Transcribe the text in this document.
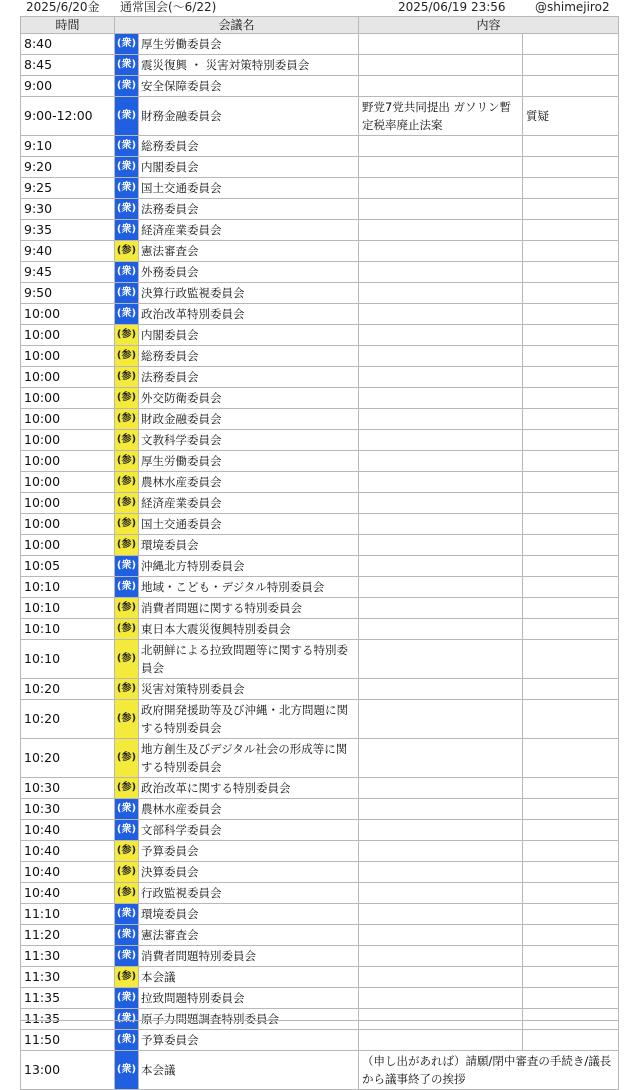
2025/6/20金 通常国会(〜6/22)	2025/06/19 23:56 @shimejiro2
時間	会議名		内容	
8:40	(衆)	厚生労働委員会		
8:45	(衆)	震災復興 ・ 災害対策特別委員会		
9:00	(衆)	安全保障委員会		
9:00-12:00	(衆)	財務金融委員会	野党7党共同提出 ガソリン暫定税率廃止法案	質疑
9:10	(衆)	総務委員会		
9:20	(衆)	内閣委員会		
9:25	(衆)	国土交通委員会		
9:30	(衆)	法務委員会		
9:35	(衆)	経済産業委員会		
9:40	(参)	憲法審査会		
9:45	(衆)	外務委員会		
9:50	(衆)	決算行政監視委員会		
10:00	(衆)	政治改革特別委員会		
10:00	(参)	内閣委員会		
10:00	(参)	総務委員会		
10:00	(参)	法務委員会		
10:00	(参)	外交防衛委員会		
10:00	(参)	財政金融委員会		
10:00	(参)	文教科学委員会		
10:00	(参)	厚生労働委員会		
10:00	(参)	農林水産委員会		
10:00	(参)	経済産業委員会		
10:00	(参)	国土交通委員会		
10:00	(参)	環境委員会		
10:05	(衆)	沖縄北方特別委員会		
10:10	(衆)	地域・こども・デジタル特別委員会		
10:10	(参)	消費者問題に関する特別委員会		
10:10	(参)	東日本大震災復興特別委員会		
10:10	(参)	北朝鮮による拉致問題等に関する特別委員会		
10:20	(参)	災害対策特別委員会		
10:20	(参)	政府開発援助等及び沖縄・北方問題に関する特別委員会		
10:20	(参)	地方創生及びデジタル社会の形成等に関する特別委員会		
10:30	(参)	政治改革に関する特別委員会		
10:30	(衆)	農林水産委員会		
10:40	(衆)	文部科学委員会		
10:40	(参)	予算委員会		
10:40	(参)	決算委員会		
10:40	(参)	行政監視委員会		
11:10	(衆)	環境委員会		
11:20	(衆)	憲法審査会		
11:30	(衆)	消費者問題特別委員会		
11:30	(参)	本会議		
11:35	(衆)	拉致問題特別委員会		
11:35	(衆)	原子力問題調査特別委員会		
11:50	(衆)	予算委員会		
13:00	(衆)	本会議	（申し出があれば）請願/閉中審査の手続き/議長から議事終了の挨拶	
